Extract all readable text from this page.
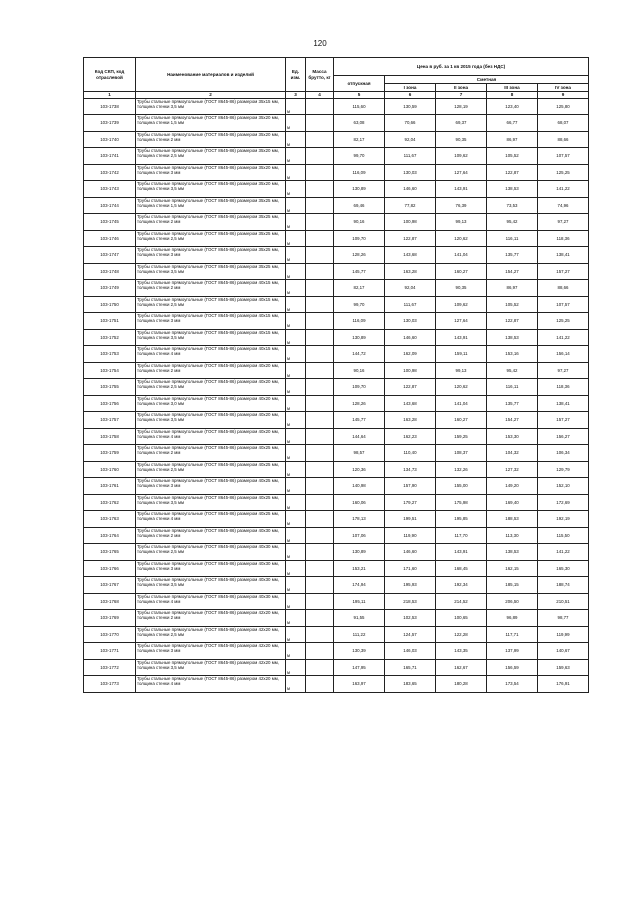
120
Код СКП, код отраслевой	Наименование материалов и изделий	Ед. изм.	Масса брутто, кг	Цена в руб. за 1 кв 2015 года (без НДС)				
				отпускная	Сметная			
					I зона	II зона	III зона	IV зона
1	2	3	4	5	6	7	8	9
103-1738	Трубы стальные прямоугольные (ГОСТ 8645-86) размером 35х15 мм, толщина стенки 3,5 мм	м		115,60	130,59	128,19	123,40	125,80
103-1739	Трубы стальные прямоугольные (ГОСТ 8645-86) размером 35х20 мм, толщина стенки 1,5 мм	м		63,08	70,66	69,37	66,77	68,07
103-1740	Трубы стальные прямоугольные (ГОСТ 8645-86) размером 35х20 мм, толщина стенки 2 мм	м		82,17	92,04	90,35	86,97	88,66
103-1741	Трубы стальные прямоугольные (ГОСТ 8645-86) размером 35х20 мм, толщина стенки 2,5 мм	м		99,70	111,67	109,62	105,52	107,57
103-1742	Трубы стальные прямоугольные (ГОСТ 8645-86) размером 35х20 мм, толщина стенки 3 мм	м		116,09	130,03	127,64	122,87	125,25
103-1743	Трубы стальные прямоугольные (ГОСТ 8645-86) размером 35х20 мм, толщина стенки 3,5 мм	м		130,89	146,60	143,91	138,53	141,22
103-1744	Трубы стальные прямоугольные (ГОСТ 8645-86) размером 35х25 мм, толщина стенки 1,5 мм	м		69,46	77,82	76,39	73,53	74,96
103-1745	Трубы стальные прямоугольные (ГОСТ 8645-86) размером 35х25 мм, толщина стенки 2 мм	м		90,16	100,98	99,13	95,42	97,27
103-1746	Трубы стальные прямоугольные (ГОСТ 8645-86) размером 35х25 мм, толщина стенки 2,5 мм	м		109,70	122,87	120,62	116,11	118,36
103-1747	Трубы стальные прямоугольные (ГОСТ 8645-86) размером 35х25 мм, толщина стенки 3 мм	м		128,26	143,68	141,04	135,77	138,41
103-1748	Трубы стальные прямоугольные (ГОСТ 8645-86) размером 35х25 мм, толщина стенки 3,5 мм	м		145,77	163,28	160,27	154,27	157,27
103-1749	Трубы стальные прямоугольные (ГОСТ 8645-86) размером 40х15 мм, толщина стенки 2 мм	м		82,17	92,04	90,35	86,97	88,66
103-1750	Трубы стальные прямоугольные (ГОСТ 8645-86) размером 40х15 мм, толщина стенки 2,5 мм	м		99,70	111,67	109,62	105,52	107,57
103-1751	Трубы стальные прямоугольные (ГОСТ 8645-86) размером 40х15 мм, толщина стенки 3 мм	м		116,09	130,03	127,64	122,87	125,25
103-1752	Трубы стальные прямоугольные (ГОСТ 8645-86) размером 40х15 мм, толщина стенки 3,5 мм	м		130,89	146,60	143,91	138,53	141,22
103-1753	Трубы стальные прямоугольные (ГОСТ 8645-86) размером 40х15 мм, толщина стенки 4 мм	м		144,72	162,09	159,11	153,16	156,14
103-1754	Трубы стальные прямоугольные (ГОСТ 8645-86) размером 40х20 мм, толщина стенки 2 мм	м		90,16	100,98	99,13	95,42	97,27
103-1755	Трубы стальные прямоугольные (ГОСТ 8645-86) размером 40х20 мм, толщина стенки 2,5 мм	м		109,70	122,87	120,62	116,11	118,36
103-1756	Трубы стальные прямоугольные (ГОСТ 8645-86) размером 40х20 мм, толщина стенки 3,0 мм	м		128,26	143,68	141,04	135,77	138,41
103-1757	Трубы стальные прямоугольные (ГОСТ 8645-86) размером 40х20 мм, толщина стенки 3,5 мм	м		145,77	163,28	160,27	154,27	157,27
103-1758	Трубы стальные прямоугольные (ГОСТ 8645-86) размером 40х20 мм, толщина стенки 4 мм	м		144,64	162,23	159,25	153,30	156,27
103-1759	Трубы стальные прямоугольные (ГОСТ 8645-86) размером 40х25 мм, толщина стенки 2 мм	м		98,57	110,40	108,37	104,32	106,34
103-1760	Трубы стальные прямоугольные (ГОСТ 8645-86) размером 40х25 мм, толщина стенки 2,5 мм	м		120,36	134,73	132,26	127,32	129,79
103-1761	Трубы стальные прямоугольные (ГОСТ 8645-86) размером 40х25 мм, толщина стенки 3 мм	м		140,98	157,90	155,00	149,20	152,10
103-1762	Трубы стальные прямоугольные (ГОСТ 8645-86) размером 40х25 мм, толщина стенки 3,5 мм	м		160,06	179,27	175,98	169,40	172,69
103-1763	Трубы стальные прямоугольные (ГОСТ 8645-86) размером 40х25 мм, толщина стенки 4 мм	м		178,13	199,51	195,85	188,53	192,19
103-1764	Трубы стальные прямоугольные (ГОСТ 8645-86) размером 40х30 мм, толщина стенки 2 мм	м		107,06	119,90	117,70	113,30	115,50
103-1765	Трубы стальные прямоугольные (ГОСТ 8645-86) размером 40х30 мм, толщина стенки 2,5 мм	м		130,89	146,60	143,91	138,53	141,22
103-1766	Трубы стальные прямоугольные (ГОСТ 8645-86) размером 40х30 мм, толщина стенки 3 мм	м		153,21	171,60	168,45	162,15	165,30
103-1767	Трубы стальные прямоугольные (ГОСТ 8645-86) размером 40х30 мм, толщина стенки 3,5 мм	м		174,94	195,93	192,34	185,15	188,74
103-1768	Трубы стальные прямоугольные (ГОСТ 8645-86) размером 40х30 мм, толщина стенки 4 мм	м		195,11	218,53	214,52	206,50	210,51
103-1769	Трубы стальные прямоугольные (ГОСТ 8645-86) размером 42х20 мм, толщина стенки 2 мм	м		91,55	102,53	100,65	96,89	98,77
103-1770	Трубы стальные прямоугольные (ГОСТ 8645-86) размером 42х20 мм, толщина стенки 2,5 мм	м		111,22	124,57	122,28	117,71	119,99
103-1771	Трубы стальные прямоугольные (ГОСТ 8645-86) размером 42х20 мм, толщина стенки 3 мм	м		130,39	146,03	143,35	137,99	140,67
103-1772	Трубы стальные прямоугольные (ГОСТ 8645-86) размером 42х20 мм, толщина стенки 3,5 мм	м		147,95	165,71	162,67	156,59	159,63
103-1773	Трубы стальные прямоугольные (ГОСТ 8645-86) размером 42х20 мм, толщина стенки 4 мм	м		163,97	183,65	180,28	173,54	176,91
